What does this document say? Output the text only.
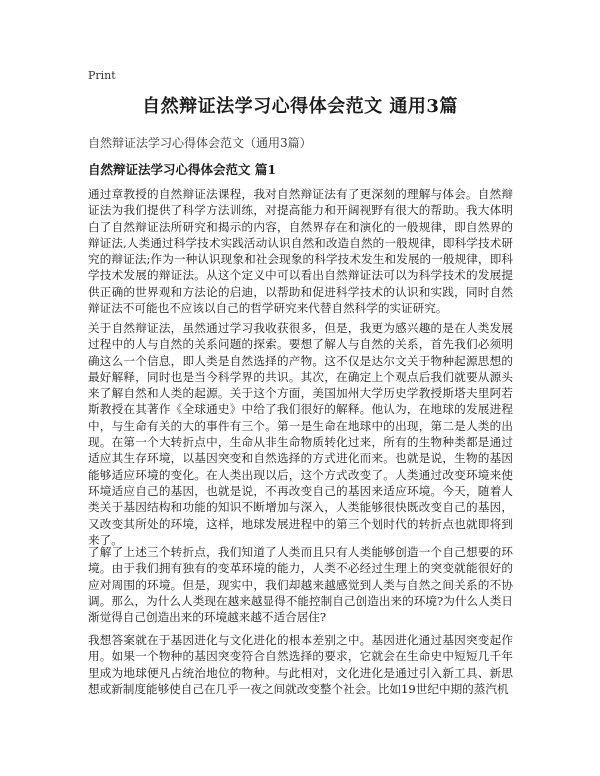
Print
自然辩证法学习心得体会范文 通用3篇
自然辩证法学习心得体会范文（通用3篇）
自然辩证法学习心得体会范文 篇1
通过章教授的自然辩证法课程，我对自然辩证法有了更深刻的理解与体会。自然辩证法为我们提供了科学方法训练，对提高能力和开阔视野有很大的帮助。我大体明白了自然辩证法所研究和揭示的内容，自然界存在和演化的一般规律，即自然界的辩证法,人类通过科学技术实践活动认识自然和改造自然的一般规律，即科学技术研究的辩证法;作为一种认识现象和社会现象的科学技术发生和发展的一般规律，即科学技术发展的辩证法。从这个定义中可以看出自然辩证法可以为科学技术的发展提供正确的世界观和方法论的启迪，以帮助和促进科学技术的认识和实践，同时自然辩证法不可能也不应该以自己的哲学研究来代替自然科学的实证研究。
关于自然辩证法，虽然通过学习我收获很多，但是，我更为感兴趣的是在人类发展过程中的人与自然的关系问题的探索。要想了解人与自然的关系，首先我们必须明确这么一个信息，即人类是自然选择的产物。这不仅是达尔文关于物种起源思想的最好解释，同时也是当今科学界的共识。其次，在确定上个观点后我们就要从源头来了解自然和人类的起源。关于这个方面，美国加州大学历史学教授斯塔夫里阿若斯教授在其著作《全球通史》中给了我们很好的解释。他认为，在地球的发展进程中，与生命有关的大的事件有三个。第一是生命在地球中的出现，第二是人类的出现。在第一个大转折点中，生命从非生命物质转化过来，所有的生物种类都是通过适应其生存环境，以基因突变和自然选择的方式进化而来。也就是说，生物的基因能够适应环境的变化。在人类出现以后，这个方式改变了。人类通过改变环境来使环境适应自己的基因，也就是说，不再改变自己的基因来适应环境。今天，随着人类关于基因结构和功能的知识不断增加与深入，人类能够很快既改变自己的基因，又改变其所处的环境，这样，地球发展进程中的第三个划时代的转折点也就即将到来了。
了解了上述三个转折点，我们知道了人类而且只有人类能够创造一个自己想要的环境。由于我们拥有独有的变革环境的能力，人类不必经过生理上的突变就能很好的应对周围的环境。但是，现实中，我们却越来越感觉到人类与自然之间关系的不协调。那么，为什么人类现在越来越显得不能控制自己创造出来的环境?为什么人类日渐觉得自己创造出来的环境越来越不适合居住?
我想答案就在于基因进化与文化进化的根本差别之中。基因进化通过基因突变起作用。如果一个物种的基因突变符合自然选择的要求，它就会在生命史中短短几千年里成为地球便凡占统治地位的物种。与此相对，文化进化是通过引入新工具、新思想或新制度能够使自己在几乎一夜之间就改变整个社会。比如19世纪中期的蒸汽机
